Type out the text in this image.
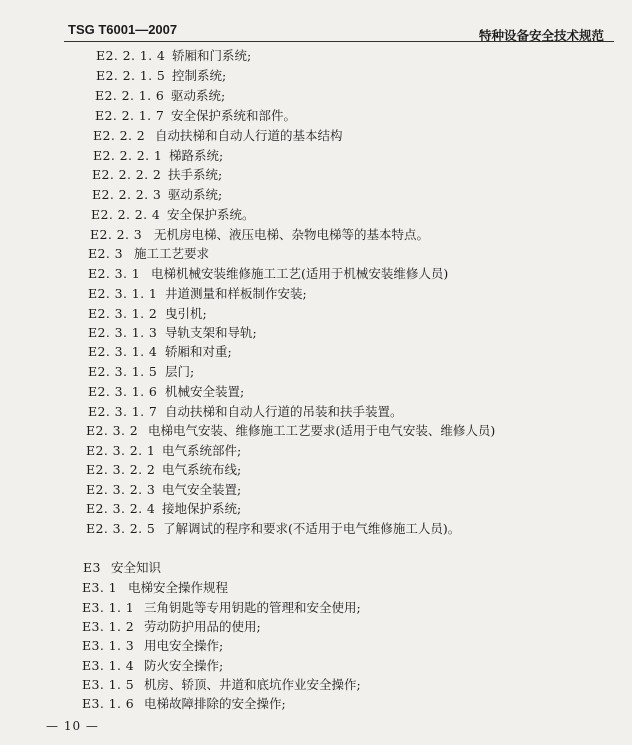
TSG T6001—2007	特种设备安全技术规范
E2. 2. 1. 4 轿厢和门系统;
E2. 2. 1. 5 控制系统;
E2. 2. 1. 6 驱动系统;
E2. 2. 1. 7 安全保护系统和部件。
E2. 2. 2 自动扶梯和自动人行道的基本结构
E2. 2. 2. 1 梯路系统;
E2. 2. 2. 2 扶手系统;
E2. 2. 2. 3 驱动系统;
E2. 2. 2. 4 安全保护系统。
E2. 2. 3 无机房电梯、液压电梯、杂物电梯等的基本特点。
E2. 3 施工工艺要求
E2. 3. 1 电梯机械安装维修施工工艺(适用于机械安装维修人员)
E2. 3. 1. 1 井道测量和样板制作安装;
E2. 3. 1. 2 曳引机;
E2. 3. 1. 3 导轨支架和导轨;
E2. 3. 1. 4 轿厢和对重;
E2. 3. 1. 5 层门;
E2. 3. 1. 6 机械安全装置;
E2. 3. 1. 7 自动扶梯和自动人行道的吊装和扶手装置。
E2. 3. 2 电梯电气安装、维修施工工艺要求(适用于电气安装、维修人员)
E2. 3. 2. 1 电气系统部件;
E2. 3. 2. 2 电气系统布线;
E2. 3. 2. 3 电气安全装置;
E2. 3. 2. 4 接地保护系统;
E2. 3. 2. 5 了解调试的程序和要求(不适用于电气维修施工人员)。
E3 安全知识
E3. 1 电梯安全操作规程
E3. 1. 1 三角钥匙等专用钥匙的管理和安全使用;
E3. 1. 2 劳动防护用品的使用;
E3. 1. 3 用电安全操作;
E3. 1. 4 防火安全操作;
E3. 1. 5 机房、轿顶、井道和底坑作业安全操作;
E3. 1. 6 电梯故障排除的安全操作;
— 10 —
